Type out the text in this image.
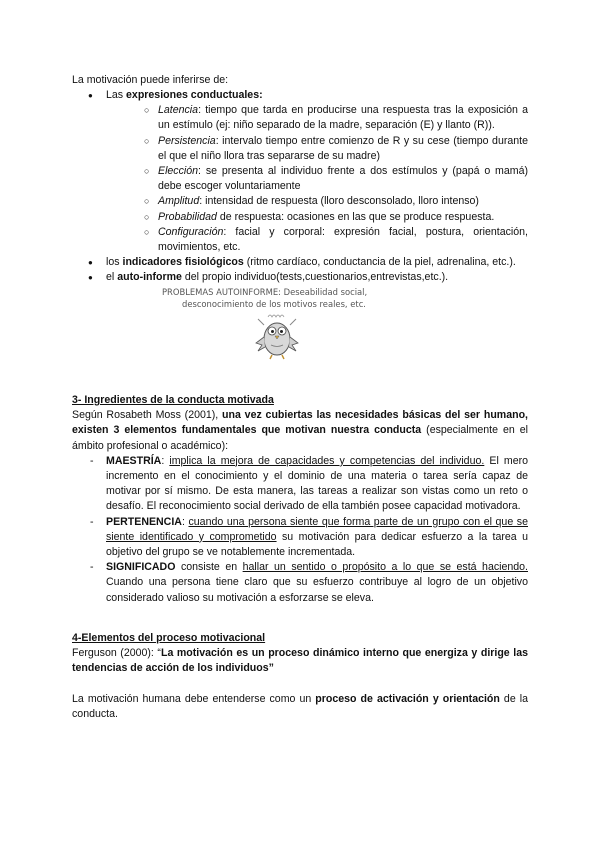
La motivación puede inferirse de:

● Las expresiones conductuales:
○ Latencia: tiempo que tarda en producirse una respuesta tras la exposición a un estímulo (ej: niño separado de la madre, separación (E) y llanto (R)).
○ Persistencia: intervalo tiempo entre comienzo de R y su cese (tiempo durante el que el niño llora tras separarse de su madre)
○ Elección: se presenta al individuo frente a dos estímulos y (papá o mamá) debe escoger voluntariamente
○ Amplitud: intensidad de respuesta (lloro desconsolado, lloro intenso)
○ Probabilidad de respuesta: ocasiones en las que se produce respuesta.
○ Configuración: facial y corporal: expresión facial, postura, orientación, movimientos, etc.
● los indicadores fisiológicos (ritmo cardíaco, conductancia de la piel, adrenalina, etc.).
● el auto-informe del propio individuo(tests,cuestionarios,entrevistas,etc.).
PROBLEMAS AUTOINFORME: Deseabilidad social,
desconocimiento de los motivos reales, etc.
3- Ingredientes de la conducta motivada

Según Rosabeth Moss (2001), una vez cubiertas las necesidades básicas del ser humano, existen 3 elementos fundamentales que motivan nuestra conducta (especialmente en el ámbito profesional o académico):

- MAESTRÍA: implica la mejora de capacidades y competencias del individuo. El mero incremento en el conocimiento y el dominio de una materia o tarea sería capaz de motivar por sí mismo. De esta manera, las tareas a realizar son vistas como un reto o desafío. El reconocimiento social derivado de ella también posee capacidad motivadora.
- PERTENENCIA: cuando una persona siente que forma parte de un grupo con el que se siente identificado y comprometido su motivación para dedicar esfuerzo a la tarea u objetivo del grupo se ve notablemente incrementada.
- SIGNIFICADO consiste en hallar un sentido o propósito a lo que se está haciendo. Cuando una persona tiene claro que su esfuerzo contribuye al logro de un objetivo considerado valioso su motivación a esforzarse se eleva.
4-Elementos del proceso motivacional

Ferguson (2000): “La motivación es un proceso dinámico interno que energiza y dirige las tendencias de acción de los individuos”

La motivación humana debe entenderse como un proceso de activación y orientación de la conducta.
